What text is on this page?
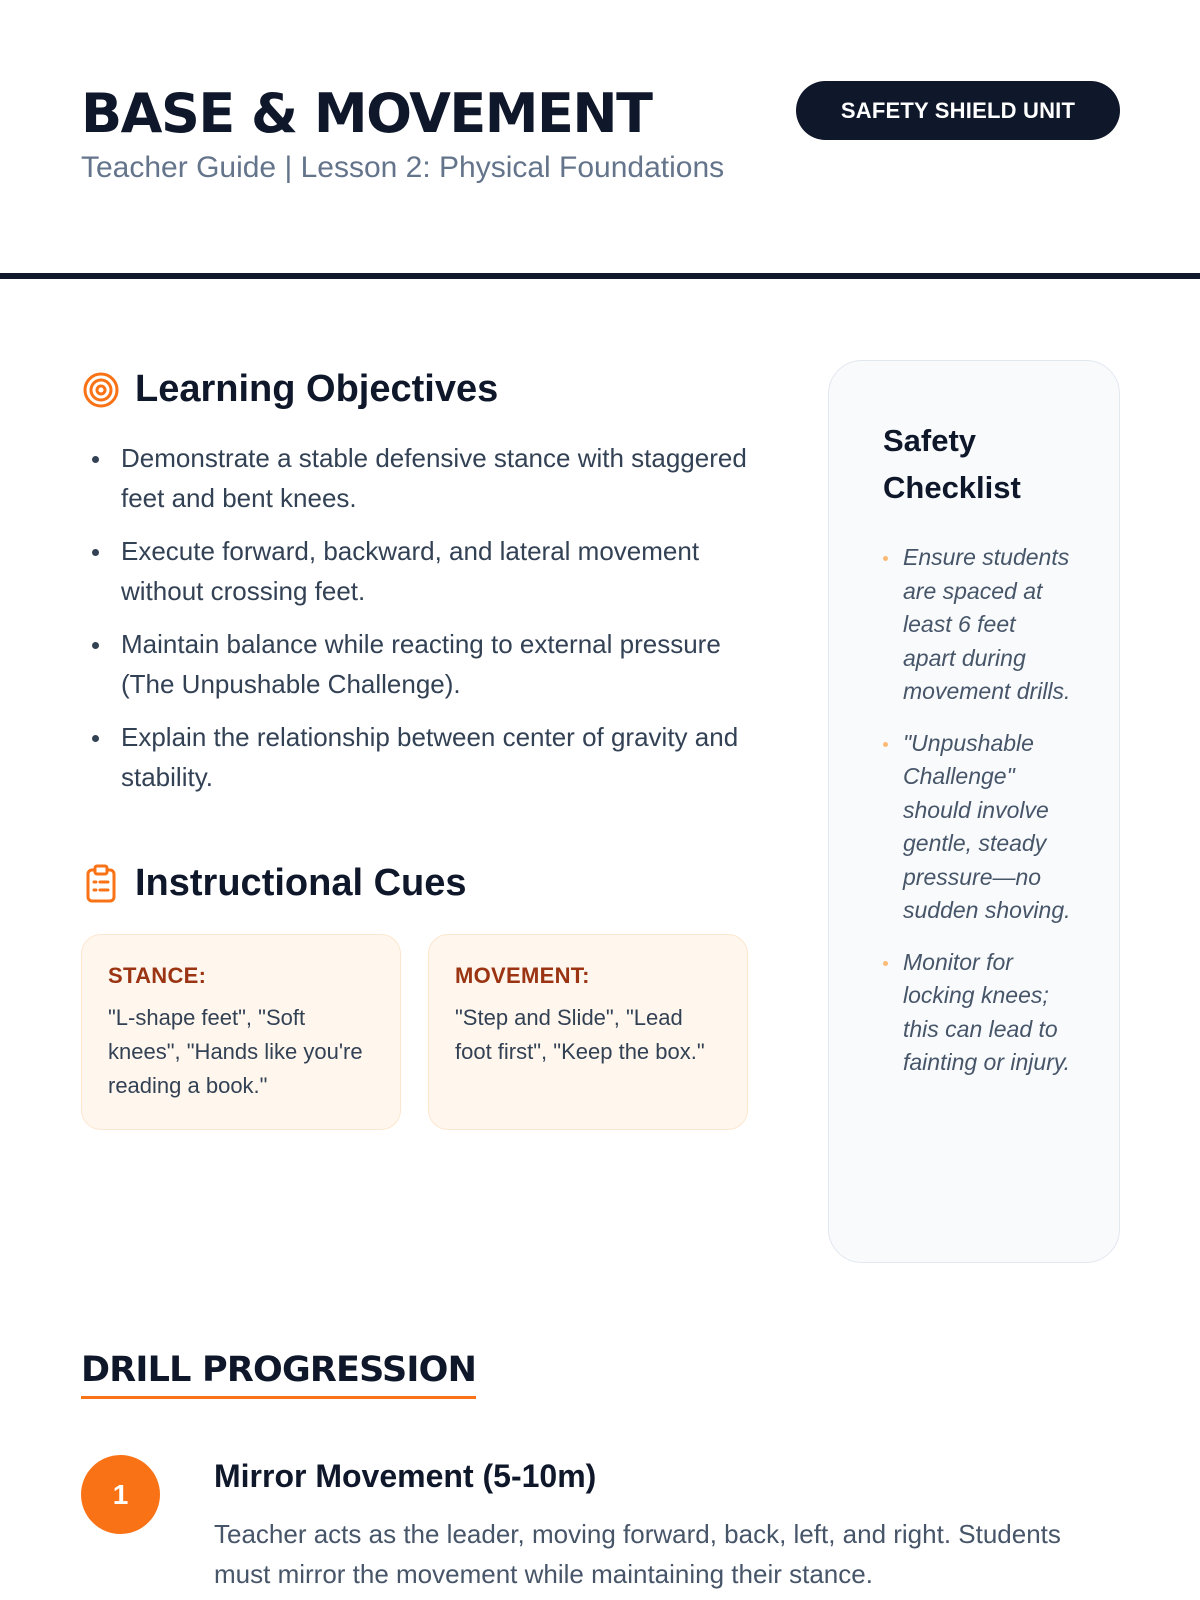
BASE & MOVEMENT
Teacher Guide | Lesson 2: Physical Foundations
SAFETY SHIELD UNIT
Learning Objectives
Demonstrate a stable defensive stance with staggered feet and bent knees.
Execute forward, backward, and lateral movement without crossing feet.
Maintain balance while reacting to external pressure (The Unpushable Challenge).
Explain the relationship between center of gravity and stability.
Instructional Cues
STANCE:
"L-shape feet", "Soft knees", "Hands like you're reading a book."
MOVEMENT:
"Step and Slide", "Lead foot first", "Keep the box."
Safety Checklist
Ensure students are spaced at least 6 feet apart during movement drills.
"Unpushable Challenge" should involve gentle, steady pressure—no sudden shoving.
Monitor for locking knees; this can lead to fainting or injury.
DRILL PROGRESSION
1	Mirror Movement (5-10m)

Teacher acts as the leader, moving forward, back, left, and right. Students must mirror the movement while maintaining their stance.
